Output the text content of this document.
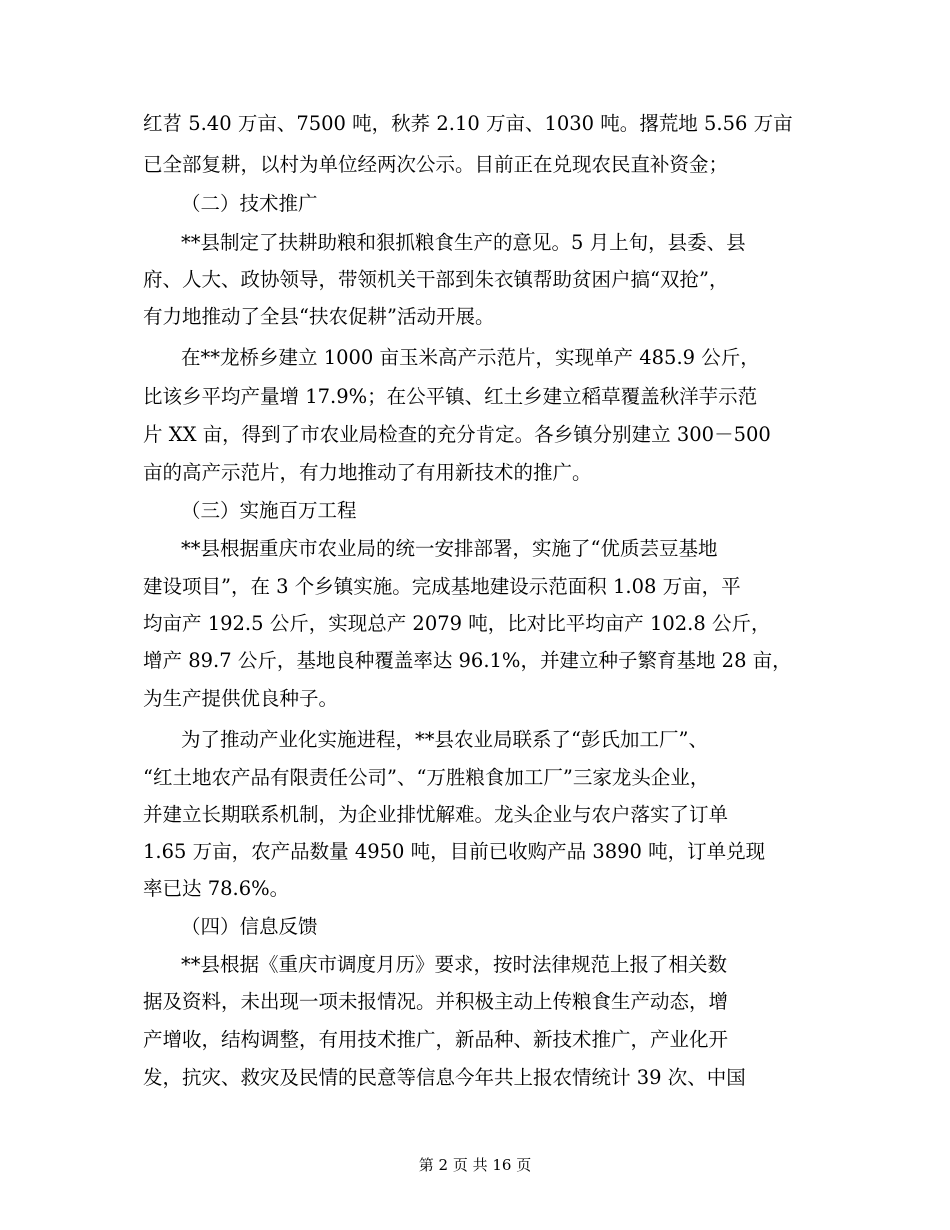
红苕 5.40 万亩、7500 吨，秋荞 2.10 万亩、1030 吨。撂荒地 5.56 万亩
已全部复耕，以村为单位经两次公示。目前正在兑现农民直补资金；
（二）技术推广
**县制定了扶耕助粮和狠抓粮食生产的意见。5 月上旬，县委、县
府、人大、政协领导，带领机关干部到朱衣镇帮助贫困户搞“双抢”，
有力地推动了全县“扶农促耕”活动开展。
在**龙桥乡建立 1000 亩玉米高产示范片，实现单产 485.9 公斤，
比该乡平均产量增 17.9%；在公平镇、红土乡建立稻草覆盖秋洋芋示范
片 XX 亩，得到了市农业局检查的充分肯定。各乡镇分别建立 300－500
亩的高产示范片，有力地推动了有用新技术的推广。
（三）实施百万工程
**县根据重庆市农业局的统一安排部署，实施了“优质芸豆基地
建设项目”，在 3 个乡镇实施。完成基地建设示范面积 1.08 万亩，平
均亩产 192.5 公斤，实现总产 2079 吨，比对比平均亩产 102.8 公斤，
增产 89.7 公斤，基地良种覆盖率达 96.1%，并建立种子繁育基地 28 亩，
为生产提供优良种子。
为了推动产业化实施进程，**县农业局联系了“彭氏加工厂”、
“红土地农产品有限责任公司”、“万胜粮食加工厂”三家龙头企业，
并建立长期联系机制，为企业排忧解难。龙头企业与农户落实了订单
1.65 万亩，农产品数量 4950 吨，目前已收购产品 3890 吨，订单兑现
率已达 78.6%。
（四）信息反馈
**县根据《重庆市调度月历》要求，按时法律规范上报了相关数
据及资料，未出现一项未报情况。并积极主动上传粮食生产动态，增
产增收，结构调整，有用技术推广，新品种、新技术推广，产业化开
发，抗灾、救灾及民情的民意等信息今年共上报农情统计 39 次、中国
第 2 页 共 16 页
